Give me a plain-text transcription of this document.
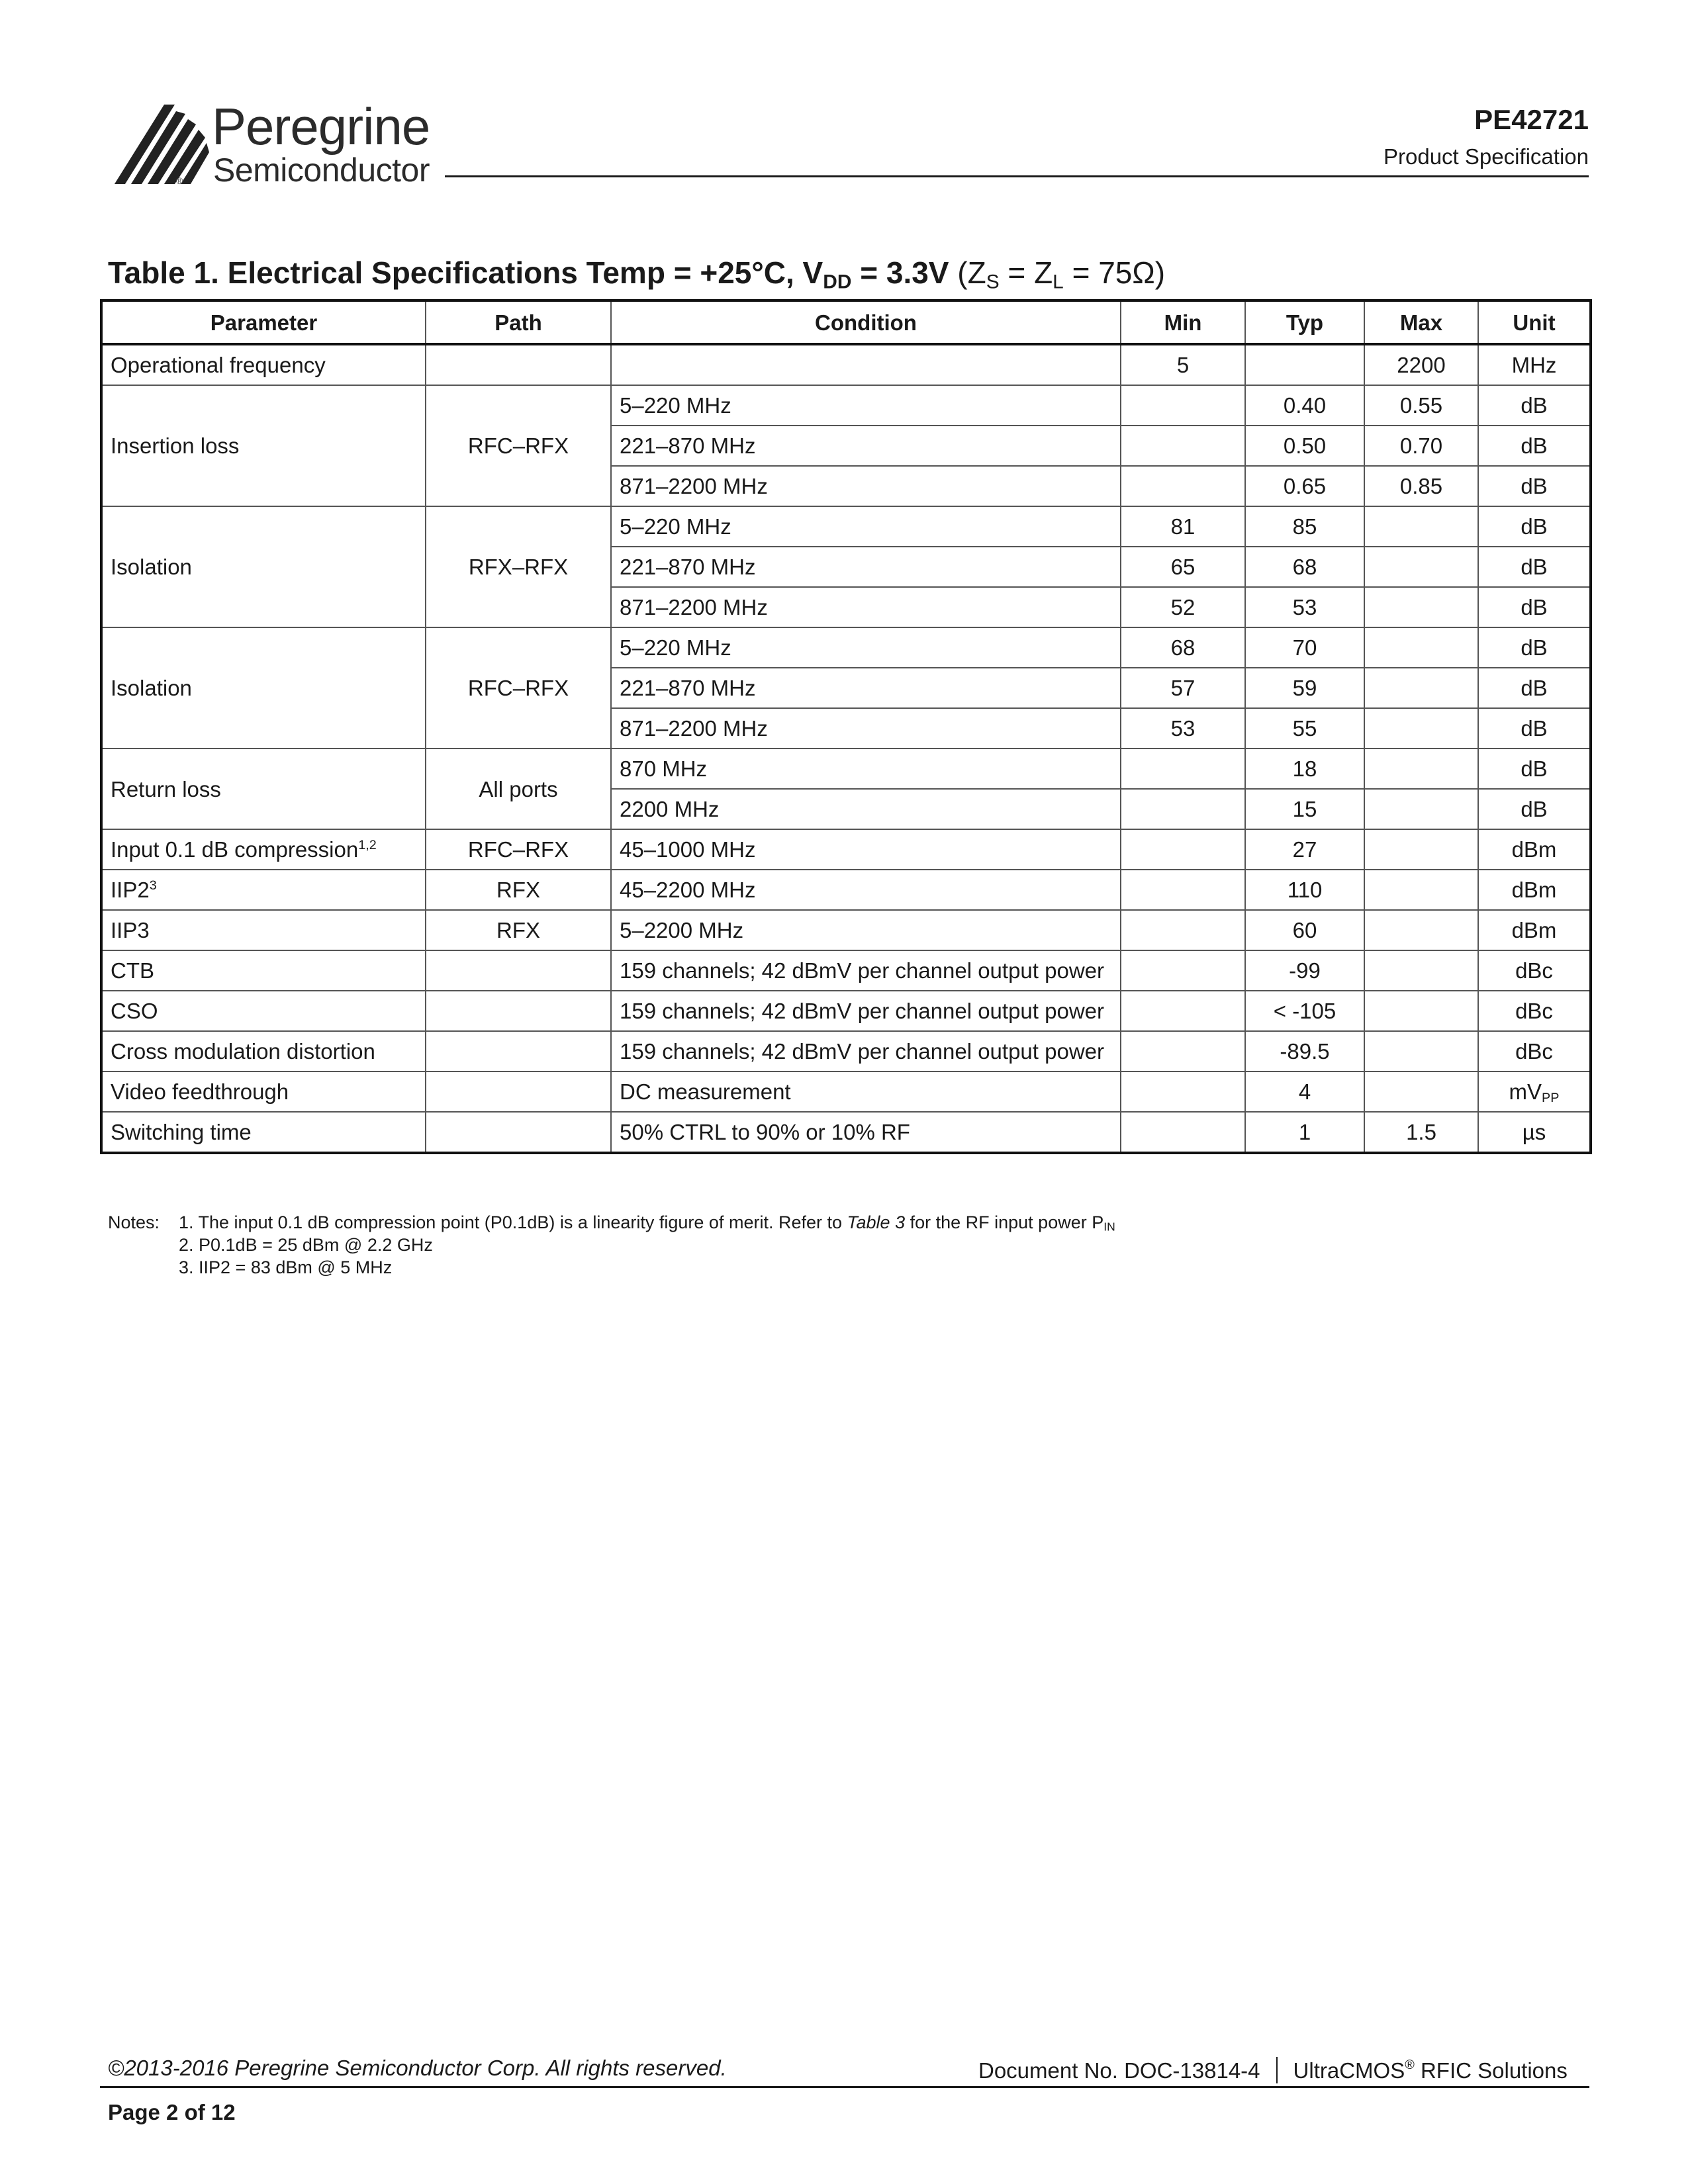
®
Peregrine
Semiconductor
PE42721
Product Specification
Table 1. Electrical Specifications Temp = +25°C, $V_{DD} = 3.3V$ $(Z_S = Z_L = 75\Omega)$
Parameter	Path	Condition	Min	Typ	Max	Unit
Operational frequency			5		2200	MHz
Insertion loss	RFC–RFX	5–220 MHz		0.40	0.55	dB
		221–870 MHz		0.50	0.70	dB
		871–2200 MHz		0.65	0.85	dB
Isolation	RFX–RFX	5–220 MHz	81	85		dB
		221–870 MHz	65	68		dB
		871–2200 MHz	52	53		dB
Isolation	RFC–RFX	5–220 MHz	68	70		dB
		221–870 MHz	57	59		dB
		871–2200 MHz	53	55		dB
Return loss	All ports	870 MHz		18		dB
		2200 MHz		15		dB
Input 0.1 dB compression$^{1,2}$	RFC–RFX	45–1000 MHz		27		dBm
$IIP2^3$	RFX	45–2200 MHz		110		dBm
IIP3	RFX	5–2200 MHz		60		dBm
CTB		159 channels; 42 dBmV per channel output power		-99		dBc
CSO		159 channels; 42 dBmV per channel output power		< -105		dBc
Cross modulation distortion		159 channels; 42 dBmV per channel output power		-89.5		dBc
Video feedthrough		DC measurement		4		$mV_{PP}$
Switching time		50% CTRL to 90% or 10% RF		1	1.5	µs
Notes:	1. The input 0.1 dB compression point (P0.1dB) is a linearity figure of merit. Refer to Table 3 for the RF input power $P_{IN}$
2. P0.1dB = 25 dBm @ 2.2 GHz
3. IIP2 = 83 dBm @ 5 MHz
©2013-2016 Peregrine Semiconductor Corp. All rights reserved.	Document No. DOC-13814-4 UltraCMOS® RFIC Solutions
Page 2 of 12
